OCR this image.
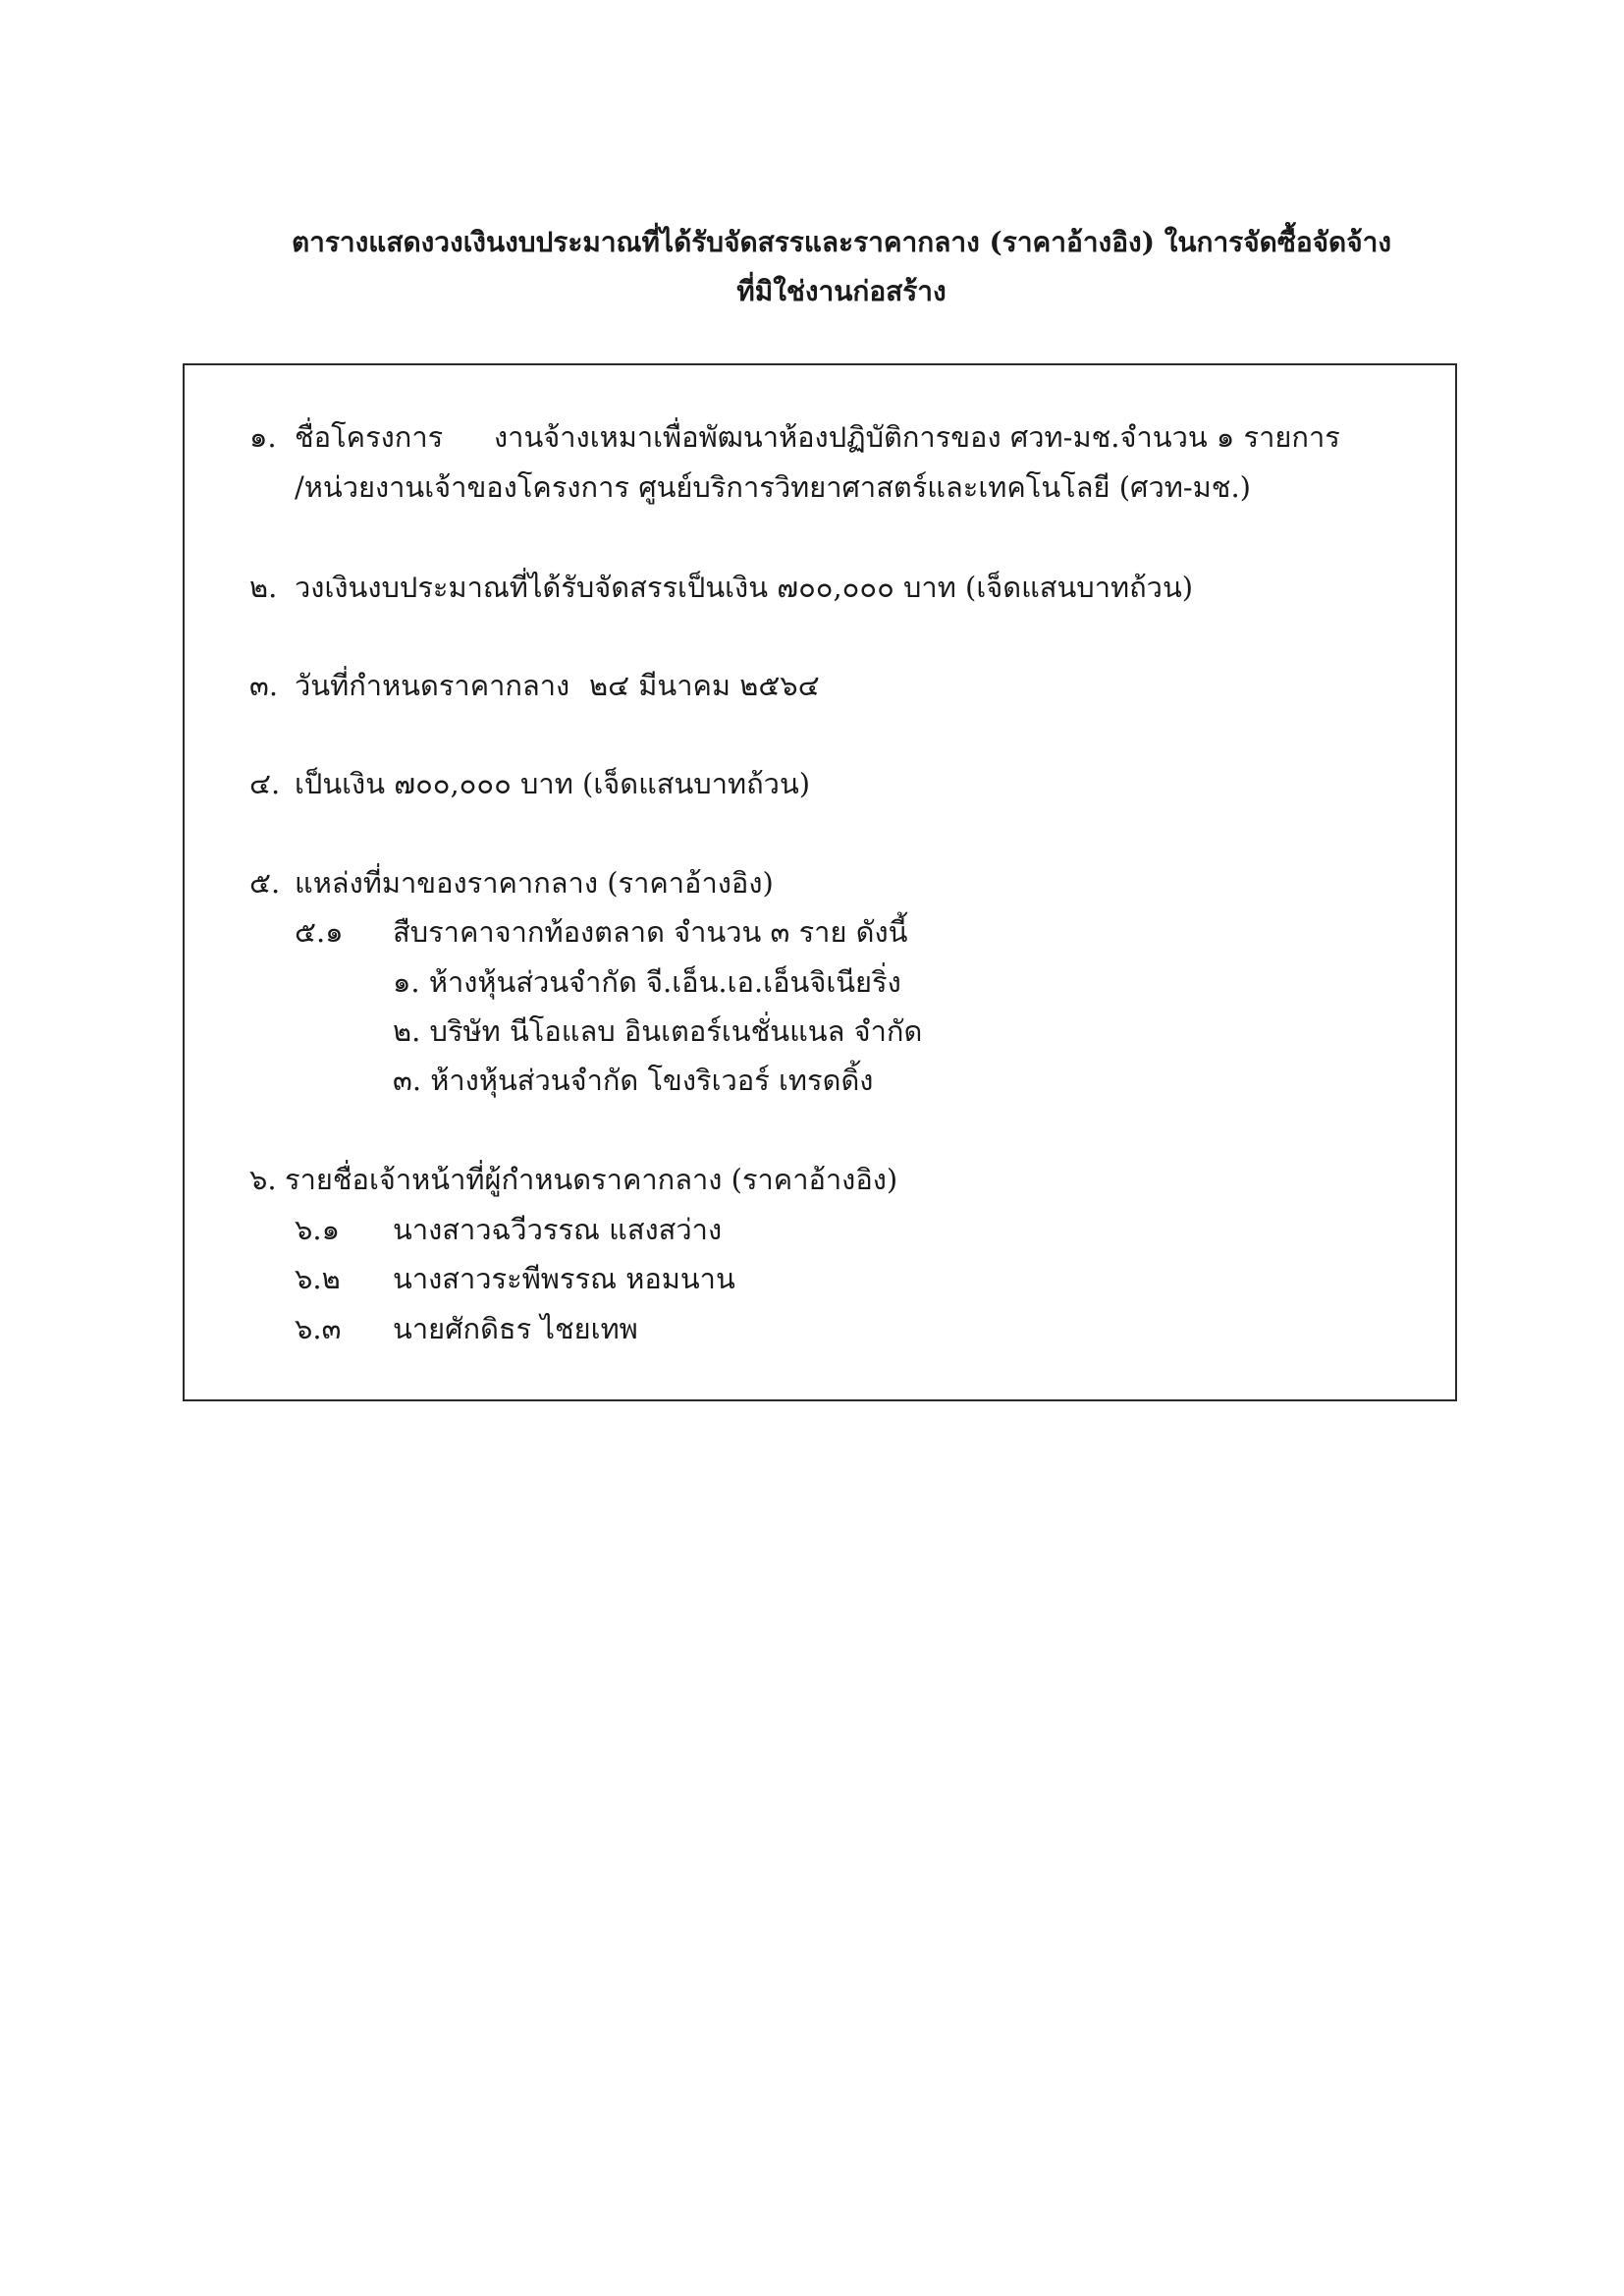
ตารางแสดงวงเงินงบประมาณที่ได้รับจัดสรรและราคากลาง (ราคาอ้างอิง) ในการจัดซื้อจัดจ้าง
ที่มิใช่งานก่อสร้าง
๑. ชื่อโครงการ งานจ้างเหมาเพื่อพัฒนาห้องปฏิบัติการของ ศวท-มช.จำนวน ๑ รายการ
/หน่วยงานเจ้าของโครงการ ศูนย์บริการวิทยาศาสตร์และเทคโนโลยี (ศวท-มช.)
๒. วงเงินงบประมาณที่ได้รับจัดสรร เป็นเงิน ๗๐๐,๐๐๐ บาท (เจ็ดแสนบาทถ้วน)
๓. วันที่กำหนดราคากลาง ๒๔ มีนาคม ๒๕๖๔
๔. เป็นเงิน ๗๐๐,๐๐๐ บาท (เจ็ดแสนบาทถ้วน)
๕. แหล่งที่มาของราคากลาง (ราคาอ้างอิง)
๕.๑ สืบราคาจากท้องตลาด จำนวน ๓ ราย ดังนี้
๑. ห้างหุ้นส่วนจำกัด จี.เอ็น.เอ.เอ็นจิเนียริ่ง
๒. บริษัท นีโอแลบ อินเตอร์เนชั่นแนล จำกัด
๓. ห้างหุ้นส่วนจำกัด โขงริเวอร์ เทรดดิ้ง
๖. รายชื่อเจ้าหน้าที่ผู้กำหนดราคากลาง (ราคาอ้างอิง)
๖.๑ นางสาวฉวีวรรณ แสงสว่าง
๖.๒ นางสาวระพีพรรณ หอมนาน
๖.๓ นายศักดิธร ไชยเทพ
